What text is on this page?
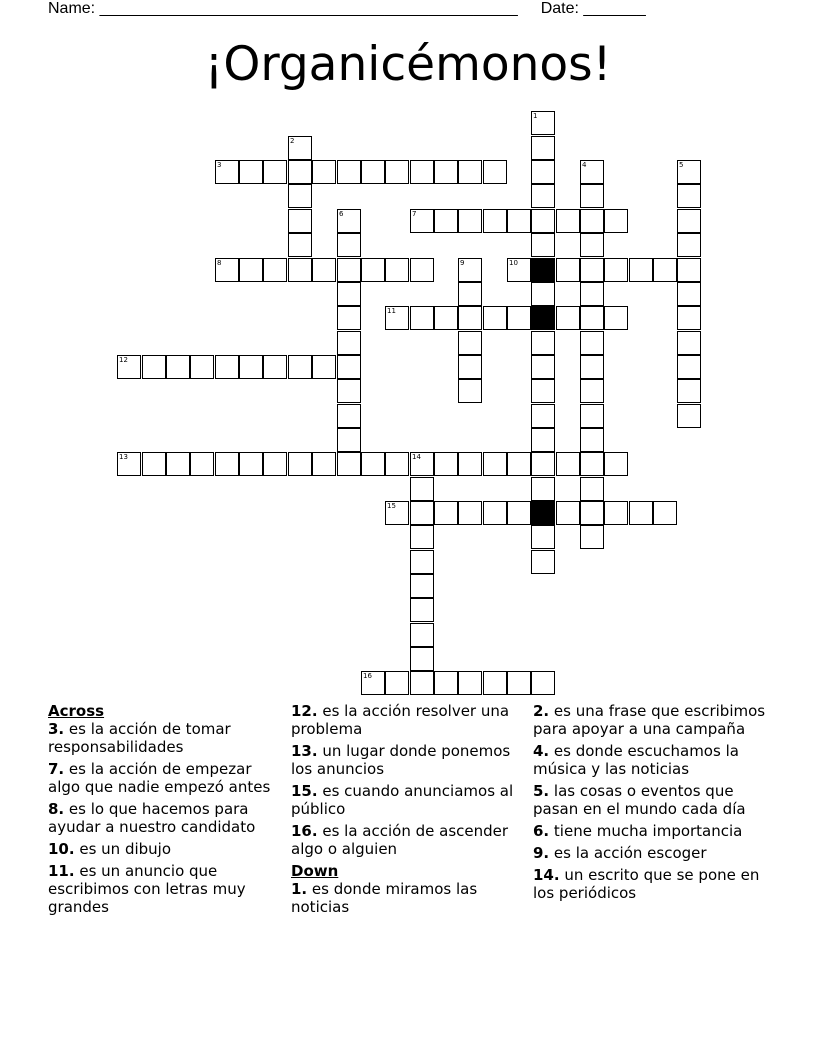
Name: _______________________________________________ Date: _______
¡Organicémonos!
1
2
3	4	5
6	7
8	9	10
11
12
13	14
15
16

Across

3. es la acción de tomar responsabilidades

7. es la acción de empezar algo que nadie empezó antes

8. es lo que hacemos para ayudar a nuestro candidato

10. es un dibujo

11. es un anuncio que escribimos con letras muy grandes

12. es la acción resolver una problema

13. un lugar donde ponemos los anuncios

15. es cuando anunciamos al público

16. es la acción de ascender algo o alguien

Down

1. es donde miramos las noticias

2. es una frase que escribimos para apoyar a una campaña

4. es donde escuchamos la música y las noticias

5. las cosas o eventos que pasan en el mundo cada día

6. tiene mucha importancia

9. es la acción escoger

14. un escrito que se pone en los periódicos
